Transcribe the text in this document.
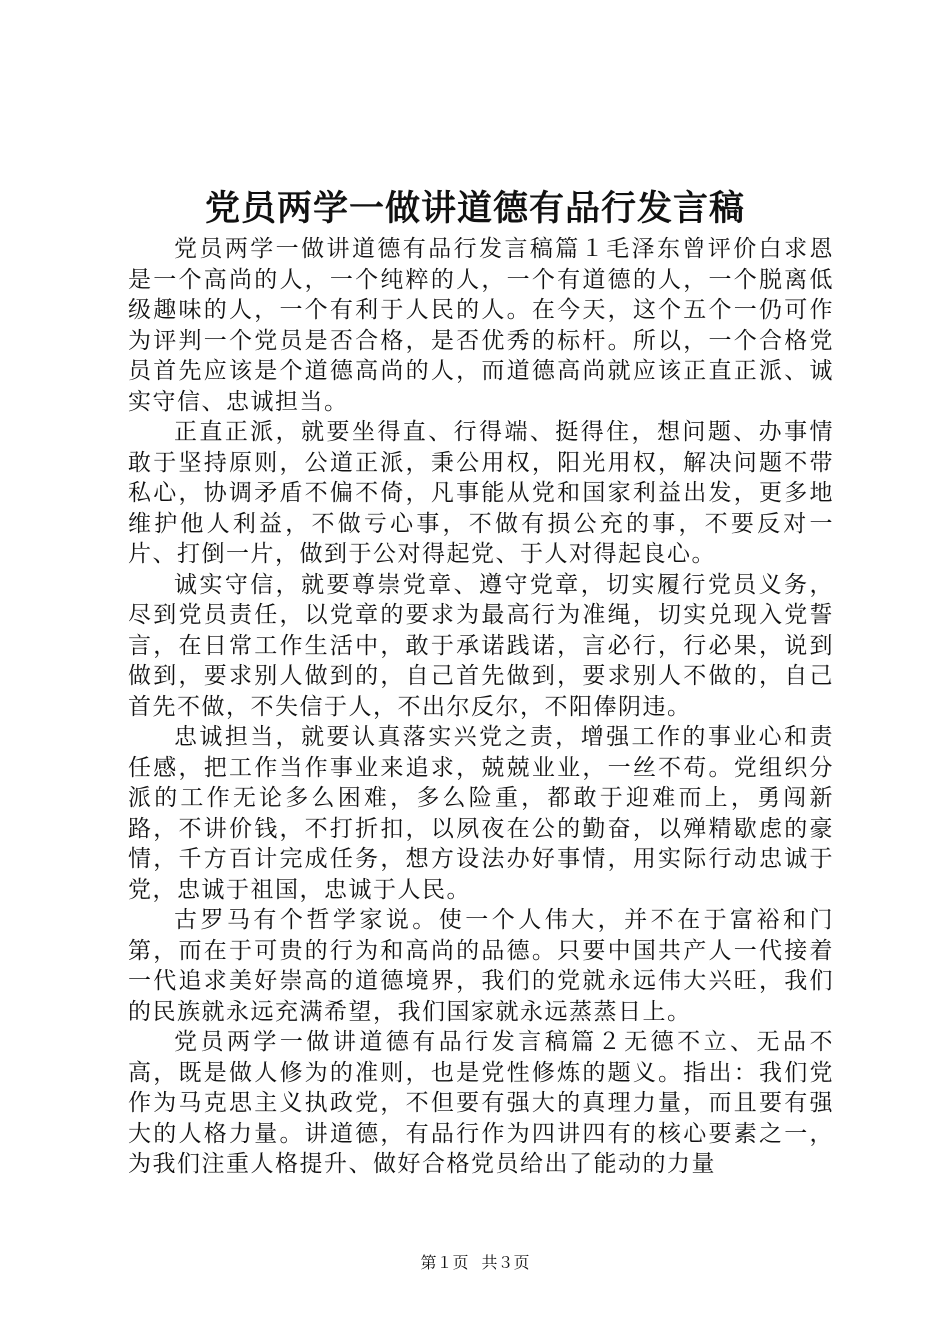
党员两学一做讲道德有品行发言稿

党员两学一做讲道德有品行发言稿篇１毛泽东曾评价白求恩是一个高尚的人，一个纯粹的人，一个有道德的人，一个脱离低级趣味的人，一个有利于人民的人。在今天，这个五个一仍可作为评判一个党员是否合格，是否优秀的标杆。所以，一个合格党员首先应该是个道德高尚的人，而道德高尚就应该正直正派、诚实守信、忠诚担当。

正直正派，就要坐得直、行得端、挺得住，想问题、办事情敢于坚持原则，公道正派，秉公用权，阳光用权，解决问题不带私心，协调矛盾不偏不倚，凡事能从党和国家利益出发，更多地维护他人利益，不做亏心事，不做有损公充的事，不要反对一片、打倒一片，做到于公对得起党、于人对得起良心。

诚实守信，就要尊崇党章、遵守党章，切实履行党员义务，尽到党员责任，以党章的要求为最高行为准绳，切实兑现入党誓言，在日常工作生活中，敢于承诺践诺，言必行，行必果，说到做到，要求别人做到的，自己首先做到，要求别人不做的，自己首先不做，不失信于人，不出尔反尔，不阳俸阴违。

忠诚担当，就要认真落实兴党之责，增强工作的事业心和责任感，把工作当作事业来追求，兢兢业业，一丝不苟。党组织分派的工作无论多么困难，多么险重，都敢于迎难而上，勇闯新路，不讲价钱，不打折扣，以夙夜在公的勤奋，以殚精歇虑的豪情，千方百计完成任务，想方设法办好事情，用实际行动忠诚于党，忠诚于祖国，忠诚于人民。

古罗马有个哲学家说。使一个人伟大，并不在于富裕和门第，而在于可贵的行为和高尚的品德。只要中国共产人一代接着一代追求美好崇高的道德境界，我们的党就永远伟大兴旺，我们的民族就永远充满希望，我们国家就永远蒸蒸日上。

党员两学一做讲道德有品行发言稿篇２无德不立、无品不高，既是做人修为的准则，也是党性修炼的题义。指出：我们党作为马克思主义执政党，不但要有强大的真理力量，而且要有强大的人格力量。讲道德，有品行作为四讲四有的核心要素之一，为我们注重人格提升、做好合格党员给出了能动的力量

第１页 共３页
